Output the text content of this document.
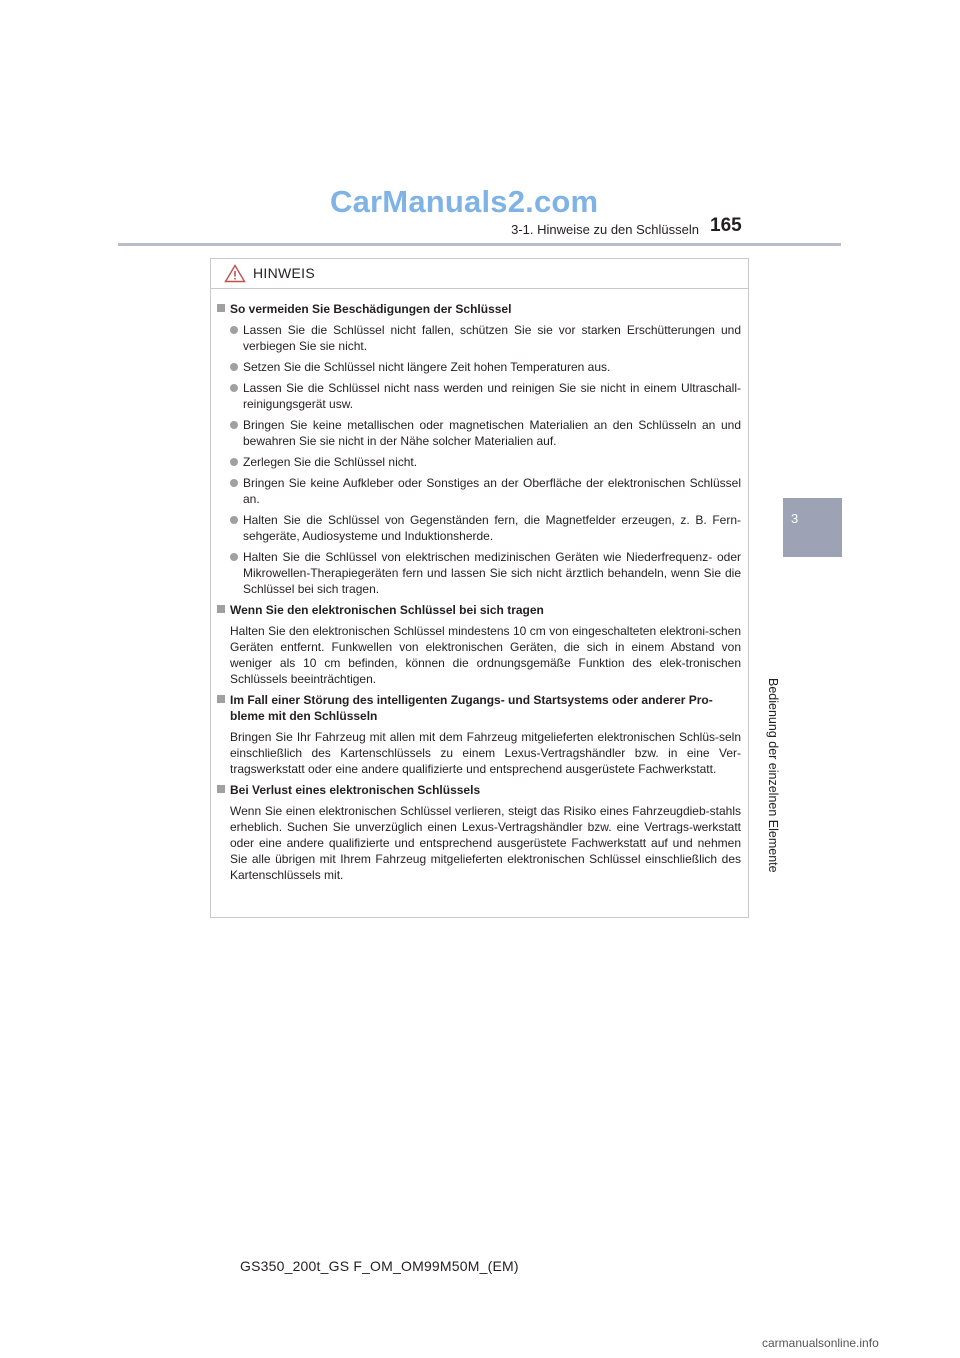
CarManuals2.com
3-1. Hinweise zu den Schlüsseln 165
3
Bedienung der einzelnen Elemente
HINWEIS
So vermeiden Sie Beschädigungen der Schlüssel
Lassen Sie die Schlüssel nicht fallen, schützen Sie sie vor starken Erschütterungen und verbiegen Sie sie nicht.
Setzen Sie die Schlüssel nicht längere Zeit hohen Temperaturen aus.
Lassen Sie die Schlüssel nicht nass werden und reinigen Sie sie nicht in einem Ultraschall-reinigungsgerät usw.
Bringen Sie keine metallischen oder magnetischen Materialien an den Schlüsseln an und bewahren Sie sie nicht in der Nähe solcher Materialien auf.
Zerlegen Sie die Schlüssel nicht.
Bringen Sie keine Aufkleber oder Sonstiges an der Oberfläche der elektronischen Schlüssel an.
Halten Sie die Schlüssel von Gegenständen fern, die Magnetfelder erzeugen, z. B. Fern-sehgeräte, Audiosysteme und Induktionsherde.
Halten Sie die Schlüssel von elektrischen medizinischen Geräten wie Niederfrequenz- oder Mikrowellen-Therapiegeräten fern und lassen Sie sich nicht ärztlich behandeln, wenn Sie die Schlüssel bei sich tragen.
Wenn Sie den elektronischen Schlüssel bei sich tragen
Halten Sie den elektronischen Schlüssel mindestens 10 cm von eingeschalteten elektroni-schen Geräten entfernt. Funkwellen von elektronischen Geräten, die sich in einem Abstand von weniger als 10 cm befinden, können die ordnungsgemäße Funktion des elek-tronischen Schlüssels beeinträchtigen.
Im Fall einer Störung des intelligenten Zugangs- und Startsystems oder anderer Pro-bleme mit den Schlüsseln
Bringen Sie Ihr Fahrzeug mit allen mit dem Fahrzeug mitgelieferten elektronischen Schlüs-seln einschließlich des Kartenschlüssels zu einem Lexus-Vertragshändler bzw. in eine Ver-tragswerkstatt oder eine andere qualifizierte und entsprechend ausgerüstete Fachwerkstatt.
Bei Verlust eines elektronischen Schlüssels
Wenn Sie einen elektronischen Schlüssel verlieren, steigt das Risiko eines Fahrzeugdieb-stahls erheblich. Suchen Sie unverzüglich einen Lexus-Vertragshändler bzw. eine Vertrags-werkstatt oder eine andere qualifizierte und entsprechend ausgerüstete Fachwerkstatt auf und nehmen Sie alle übrigen mit Ihrem Fahrzeug mitgelieferten elektronischen Schlüssel einschließlich des Kartenschlüssels mit.
GS350_200t_GS F_OM_OM99M50M_(EM)
carmanualsonline.info
